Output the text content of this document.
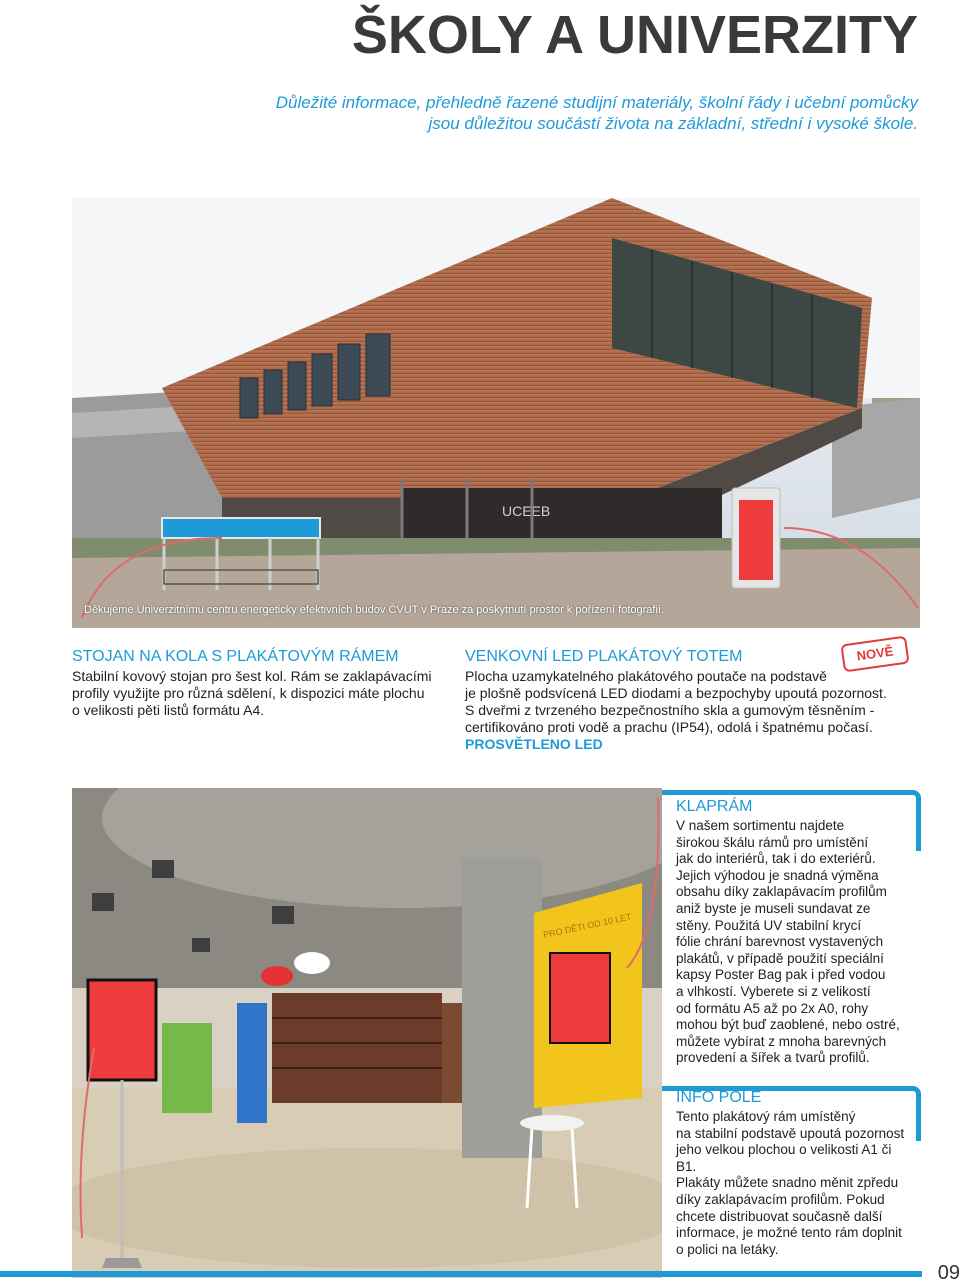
ŠKOLY A UNIVERZITY
Důležité informace, přehledně řazené studijní materiály, školní řády i učební pomůcky
jsou důležitou součástí života na základní, střední i vysoké škole.
UCEEB
Děkujeme Univerzitnímu centru energeticky efektivních budov ČVUT v Praze za poskytnutí prostor k pořízení fotografií.
STOJAN NA KOLA S PLAKÁTOVÝM RÁMEM
Stabilní kovový stojan pro šest kol. Rám se zaklapávacími
profily využijte pro různá sdělení, k dispozici máte plochu
o velikosti pěti listů formátu A4.
VENKOVNÍ LED PLAKÁTOVÝ TOTEM
Plocha uzamykatelného plakátového poutače na podstavě
je plošně podsvícená LED diodami a bezpochyby upoutá pozornost.
S dveřmi z tvrzeného bezpečnostního skla a gumovým těsněním -
certifikováno proti vodě a prachu (IP54), odolá i špatnému počasí.
PROSVĚTLENO LED
NOVĚ
PRO DĚTI OD 10 LET
KLAPRÁM
V našem sortimentu najdete
širokou škálu rámů pro umístění
jak do interiérů, tak i do exteriérů.
Jejich výhodou je snadná výměna
obsahu díky zaklapávacím profilům
aniž byste je museli sundavat ze
stěny. Použitá UV stabilní krycí
fólie chrání barevnost vystavených
plakátů, v případě použití speciální
kapsy Poster Bag pak i před vodou
a vlhkostí. Vyberete si z velikostí
od formátu A5 až po 2x A0, rohy
mohou být buď zaoblené, nebo ostré,
můžete vybírat z mnoha barevných
provedení a šířek a tvarů profilů.
INFO POLE
Tento plakátový rám umístěný
na stabilní podstavě upoutá pozornost
jeho velkou plochou o velikosti A1 či B1.
Plakáty můžete snadno měnit zpředu
díky zaklapávacím profilům. Pokud
chcete distribuovat současně další
informace, je možné tento rám doplnit
o polici na letáky.
09
